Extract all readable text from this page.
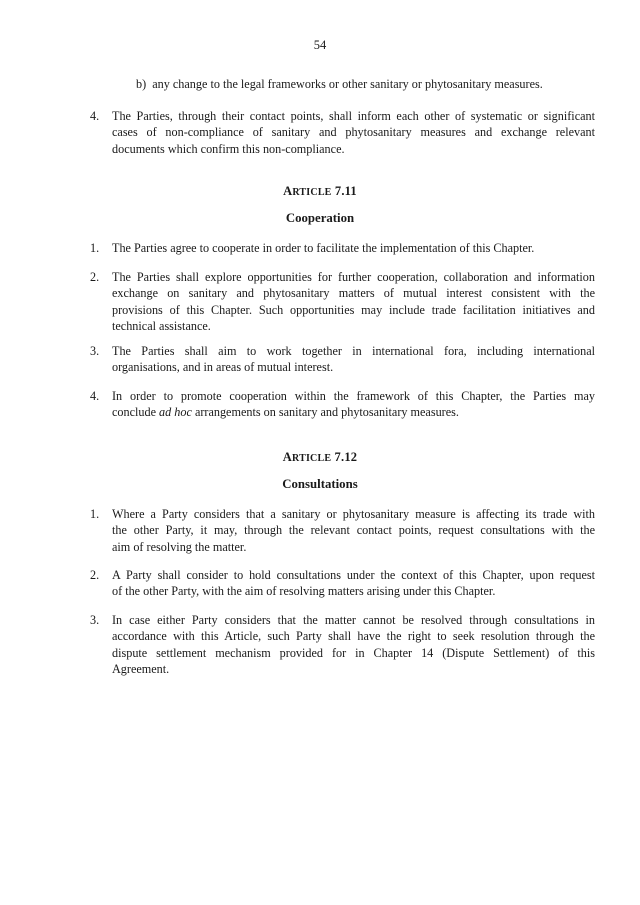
54
b)  any change to the legal frameworks or other sanitary or phytosanitary measures.
4. The Parties, through their contact points, shall inform each other of systematic or significant
cases of non-compliance of sanitary and phytosanitary measures and exchange relevant
documents which confirm this non-compliance.
ARTICLE 7.11
Cooperation
1. The Parties agree to cooperate in order to facilitate the implementation of this Chapter.
2. The Parties shall explore opportunities for further cooperation, collaboration and information
exchange on sanitary and phytosanitary matters of mutual interest consistent with the
provisions of this Chapter. Such opportunities may include trade facilitation initiatives and
technical assistance.
3. The Parties shall aim to work together in international fora, including international
organisations, and in areas of mutual interest.
4. In order to promote cooperation within the framework of this Chapter, the Parties may
conclude ad hoc arrangements on sanitary and phytosanitary measures.
ARTICLE 7.12
Consultations
1. Where a Party considers that a sanitary or phytosanitary measure is affecting its trade with
the other Party, it may, through the relevant contact points, request consultations with the
aim of resolving the matter.
2. A Party shall consider to hold consultations under the context of this Chapter, upon request
of the other Party, with the aim of resolving matters arising under this Chapter.
3. In case either Party considers that the matter cannot be resolved through consultations in
accordance with this Article, such Party shall have the right to seek resolution through the
dispute settlement mechanism provided for in Chapter 14 (Dispute Settlement) of this
Agreement.
